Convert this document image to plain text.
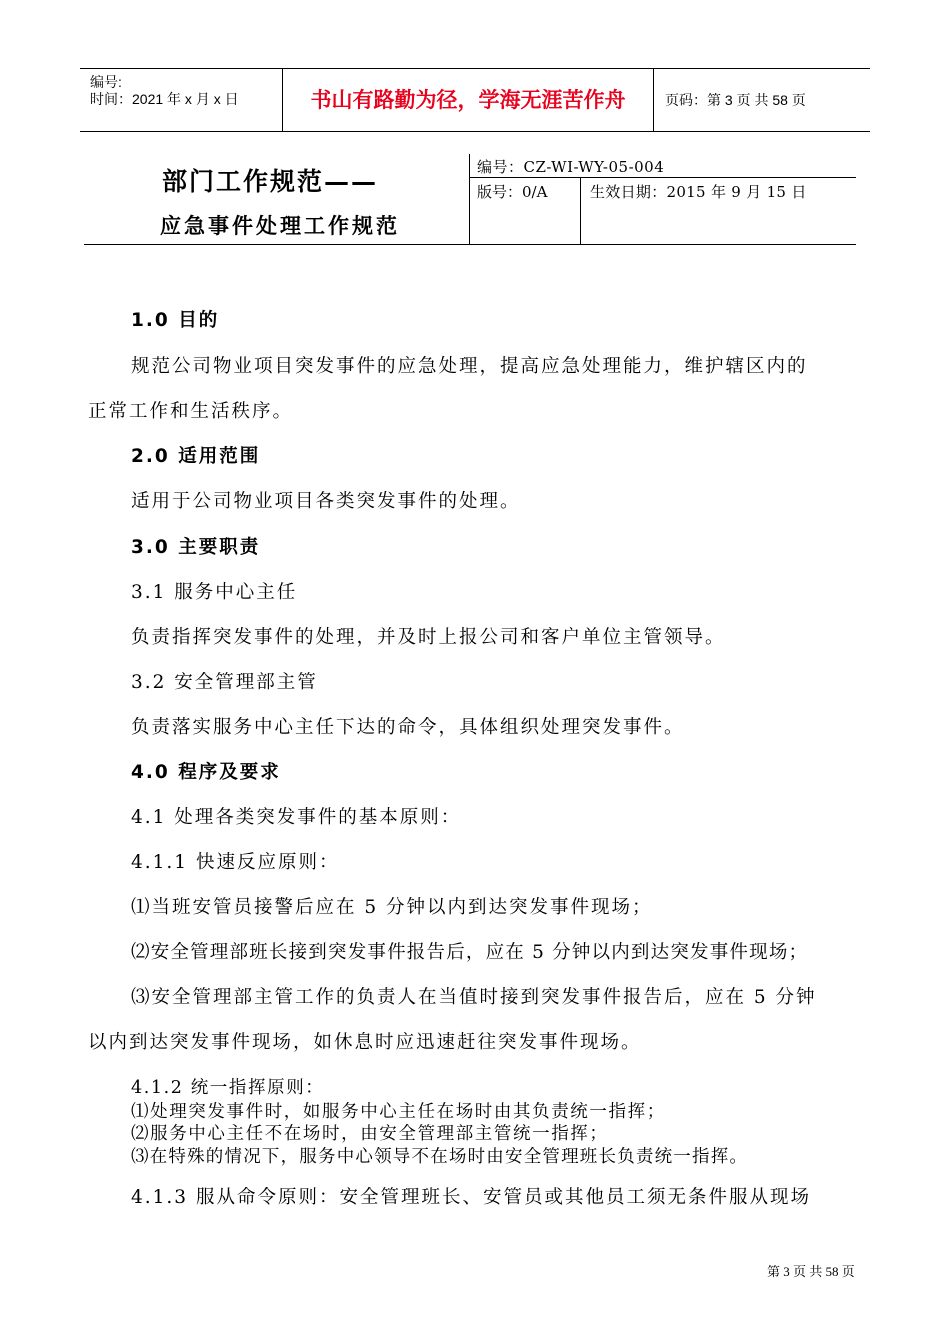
编号:
时间：2021 年 x 月 x 日	书山有路勤为径，学海无涯苦作舟	页码：第 3 页 共 58 页
部门工作规范——
应急事件处理工作规范
编号：CZ-WI-WY-05-004
版号：0/A	生效日期：2015 年 9 月 15 日
1.0 目的
规范公司物业项目突发事件的应急处理，提高应急处理能力，维护辖区内的
正常工作和生活秩序。
2.0 适用范围
适用于公司物业项目各类突发事件的处理。
3.0 主要职责
3.1 服务中心主任
负责指挥突发事件的处理，并及时上报公司和客户单位主管领导。
3.2 安全管理部主管
负责落实服务中心主任下达的命令，具体组织处理突发事件。
4.0 程序及要求
4.1 处理各类突发事件的基本原则：
4.1.1 快速反应原则：
⑴当班安管员接警后应在 5 分钟以内到达突发事件现场；
⑵安全管理部班长接到突发事件报告后，应在 5 分钟以内到达突发事件现场；
⑶安全管理部主管工作的负责人在当值时接到突发事件报告后，应在 5 分钟
以内到达突发事件现场，如休息时应迅速赶往突发事件现场。
4.1.2 统一指挥原则：
⑴处理突发事件时，如服务中心主任在场时由其负责统一指挥；
⑵服务中心主任不在场时，由安全管理部主管统一指挥；
⑶在特殊的情况下，服务中心领导不在场时由安全管理班长负责统一指挥。
4.1.3 服从命令原则：安全管理班长、安管员或其他员工须无条件服从现场
第 3 页 共 58 页
